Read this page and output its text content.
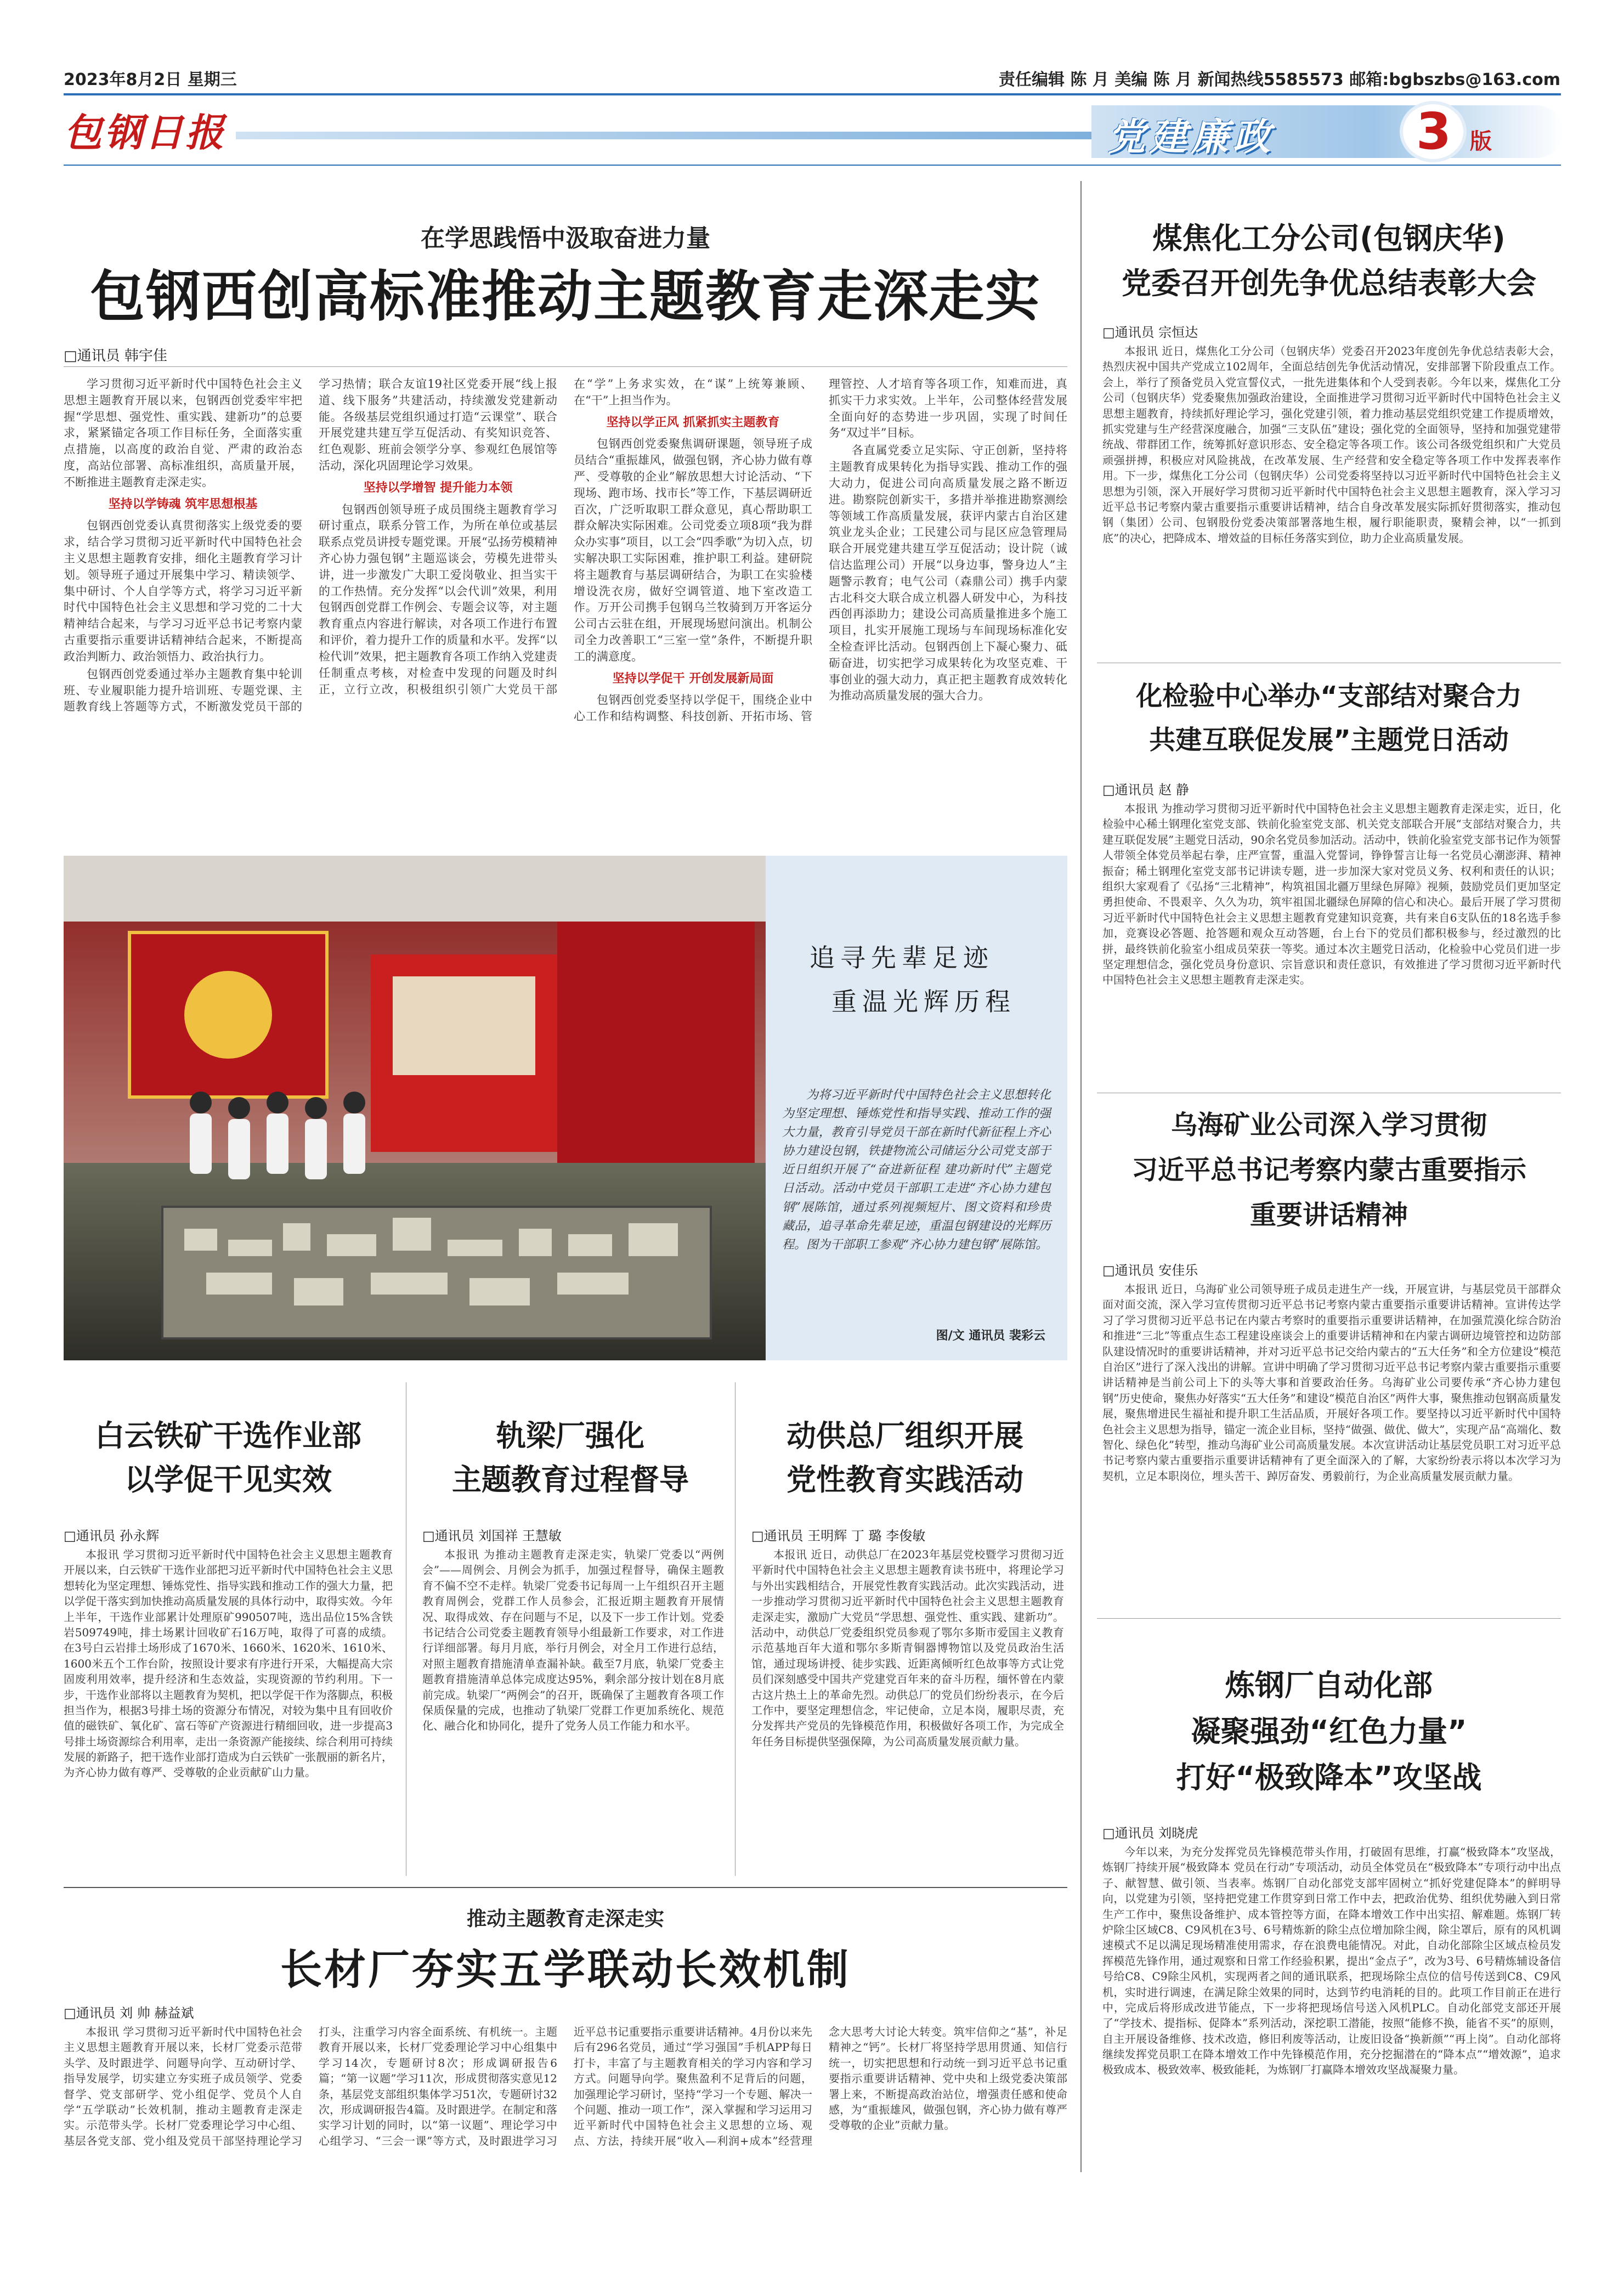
2023年8月2日 星期三	责任编辑 陈 月 美编 陈 月 新闻热线5585573 邮箱:bgbszbs@163.com
包钢日报	党建廉政	3 版
在学思践悟中汲取奋进力量
包钢西创高标准推动主题教育走深走实
□通讯员 韩宇佳

学习贯彻习近平新时代中国特色社会主义思想主题教育开展以来，包钢西创党委牢牢把握“学思想、强党性、重实践、建新功”的总要求，紧紧锚定各项工作目标任务，全面落实重点措施，以高度的政治自觉、严肃的政治态度，高站位部署、高标准组织，高质量开展，不断推进主题教育走深走实。

坚持以学铸魂 筑牢思想根基

包钢西创党委认真贯彻落实上级党委的要求，结合学习贯彻习近平新时代中国特色社会主义思想主题教育安排，细化主题教育学习计划。领导班子通过开展集中学习、精读领学、集中研讨、个人自学等方式，将学习习近平新时代中国特色社会主义思想和学习党的二十大精神结合起来，与学习习近平总书记考察内蒙古重要指示重要讲话精神结合起来，不断提高政治判断力、政治领悟力、政治执行力。

包钢西创党委通过举办主题教育集中轮训班、专业履职能力提升培训班、专题党课、主题教育线上答题等方式，不断激发党员干部的学习热情；联合友谊19社区党委开展“线上报道、线下服务”共建活动，持续激发党建新动能。各级基层党组织通过打造“云课堂”、联合开展党建共建互学互促活动、有奖知识竞答、红色观影、班前会领学分享、参观红色展馆等活动，深化巩固理论学习效果。

坚持以学增智 提升能力本领

包钢西创领导班子成员围绕主题教育学习研讨重点，联系分管工作，为所在单位或基层联系点党员讲授专题党课。开展“弘扬劳模精神 齐心协力强包钢”主题巡谈会，劳模先进带头讲，进一步激发广大职工爱岗敬业、担当实干的工作热情。充分发挥“以会代训”效果，利用包钢西创党群工作例会、专题会议等，对主题教育重点内容进行解读，对各项工作进行布置和评价，着力提升工作的质量和水平。发挥“以检代训”效果，把主题教育各项工作纳入党建责任制重点考核，对检查中发现的问题及时纠正，立行立改，积极组织引领广大党员干部在“学”上务求实效，在“谋”上统筹兼顾、在“干”上担当作为。

坚持以学正风 抓紧抓实主题教育

包钢西创党委聚焦调研课题，领导班子成员结合“重振雄风，做强包钢，齐心协力做有尊严、受尊敬的企业”解放思想大讨论活动、“下现场、跑市场、找市长”等工作，下基层调研近百次，广泛听取职工群众意见，真心帮助职工群众解决实际困难。公司党委立项8项“我为群众办实事”项目，以工会“四季歌”为切入点，切实解决职工实际困难，推护职工利益。建研院将主题教育与基层调研结合，为职工在实验楼增设洗衣房，做好空调管道、地下室改造工作。万开公司携手包钢乌兰牧骑到万开客运分公司古云驻在组，开展现场慰问演出。机制公司全力改善职工“三室一堂”条件，不断提升职工的满意度。

坚持以学促干 开创发展新局面

包钢西创党委坚持以学促干，围绕企业中心工作和结构调整、科技创新、开拓市场、管理管控、人才培育等各项工作，知难而进，真抓实干力求实效。上半年，公司整体经营发展全面向好的态势进一步巩固，实现了时间任务“双过半”目标。

各直属党委立足实际、守正创新，坚持将主题教育成果转化为指导实践、推动工作的强大动力，促进公司向高质量发展之路不断迈进。勘察院创新实干，多措并举推进勘察测绘等领域工作高质量发展，获评内蒙古自治区建筑业龙头企业；工民建公司与昆区应急管理局联合开展党建共建互学互促活动；设计院（诚信达监理公司）开展“以身边事，警身边人”主题警示教育；电气公司（森鼎公司）携手内蒙古北科交大联合成立机器人研发中心，为科技西创再添助力；建设公司高质量推进多个施工项目，扎实开展施工现场与车间现场标准化安全检查评比活动。包钢西创上下凝心聚力、砥砺奋进，切实把学习成果转化为攻坚克难、干事创业的强大动力，真正把主题教育成效转化为推动高质量发展的强大合力。

追寻先辈足迹
重温光辉历程
为将习近平新时代中国特色社会主义思想转化为坚定理想、锤炼党性和指导实践、推动工作的强大力量，教育引导党员干部在新时代新征程上齐心协力建设包钢，铁捷物流公司储运分公司党支部于近日组织开展了“奋进新征程 建功新时代”主题党日活动。活动中党员干部职工走进“齐心协力建包钢”展陈馆，通过系列视频短片、图文资料和珍贵藏品，追寻革命先辈足迹，重温包钢建设的光辉历程。图为干部职工参观“齐心协力建包钢”展陈馆。
图/文 通讯员 裴彩云
白云铁矿干选作业部
以学促干见实效
□通讯员 孙永辉

本报讯 学习贯彻习近平新时代中国特色社会主义思想主题教育开展以来，白云铁矿干选作业部把习近平新时代中国特色社会主义思想转化为坚定理想、锤炼党性、指导实践和推动工作的强大力量，把以学促干落实到加快推动高质量发展的具体行动中，取得实效。今年上半年，干选作业部累计处理原矿990507吨，选出品位15%含铁岩509749吨，排土场累计回收矿石16万吨，取得了可喜的成绩。在3号白云岩排土场形成了1670米、1660米、1620米、1610米、1600米五个工作台阶，按照设计要求有序进行开采，大幅提高大宗固废利用效率，提升经济和生态效益，实现资源的节约利用。下一步，干选作业部将以主题教育为契机，把以学促干作为落脚点，积极担当作为，根据3号排土场的资源分布情况，对较为集中且有回收价值的磁铁矿、氧化矿、富石等矿产资源进行精细回收，进一步提高3号排土场资源综合利用率，走出一条资源产能接续、综合利用可持续发展的新路子，把干选作业部打造成为白云铁矿一张靓丽的新名片，为齐心协力做有尊严、受尊敬的企业贡献矿山力量。

轨梁厂强化
主题教育过程督导
□通讯员 刘国祥 王慧敏

本报讯 为推动主题教育走深走实，轨梁厂党委以“两例会”——周例会、月例会为抓手，加强过程督导，确保主题教育不偏不空不走样。轨梁厂党委书记每周一上午组织召开主题教育周例会，党群工作人员参会，汇报近期主题教育开展情况、取得成效、存在问题与不足，以及下一步工作计划。党委书记结合公司党委主题教育领导小组最新工作要求，对工作进行详细部署。每月月底，举行月例会，对全月工作进行总结，对照主题教育措施清单查漏补缺。截至7月底，轨梁厂党委主题教育措施清单总体完成度达95%，剩余部分按计划在8月底前完成。轨梁厂“两例会”的召开，既确保了主题教育各项工作保质保量的完成，也推动了轨梁厂党群工作更加系统化、规范化、融合化和协同化，提升了党务人员工作能力和水平。

动供总厂组织开展
党性教育实践活动
□通讯员 王明辉 丁 璐 李俊敏

本报讯 近日，动供总厂在2023年基层党校暨学习贯彻习近平新时代中国特色社会主义思想主题教育读书班中，将理论学习与外出实践相结合，开展党性教育实践活动。此次实践活动，进一步推动学习贯彻习近平新时代中国特色社会主义思想主题教育走深走实，激励广大党员“学思想、强党性、重实践、建新功”。活动中，动供总厂党委组织党员参观了鄂尔多斯市爱国主义教育示范基地百年大道和鄂尔多斯青铜器博物馆以及党员政治生活馆，通过现场讲授、徒步实践、近距离倾听红色故事等方式让党员们深刻感受中国共产党建党百年来的奋斗历程，缅怀曾在内蒙古这片热土上的革命先烈。动供总厂的党员们纷纷表示，在今后工作中，要坚定理想信念，牢记使命，立足本岗，履职尽责，充分发挥共产党员的先锋模范作用，积极做好各项工作，为完成全年任务目标提供坚强保障，为公司高质量发展贡献力量。

推动主题教育走深走实
长材厂夯实五学联动长效机制
□通讯员 刘 帅 赫益斌

本报讯 学习贯彻习近平新时代中国特色社会主义思想主题教育开展以来，长材厂党委示范带头学、及时跟进学、问题导向学、互动研讨学、指导发展学，切实建立夯实班子成员领学、党委督学、党支部研学、党小组促学、党员个人自学“五学联动”长效机制，推动主题教育走深走实。示范带头学。长材厂党委理论学习中心组、基层各党支部、党小组及党员干部坚持理论学习打头，注重学习内容全面系统、有机统一。主题教育开展以来，长材厂党委理论学习中心组集中学习14次，专题研讨8次；形成调研报告6篇；“第一议题”学习11次，形成贯彻落实意见12条，基层党支部组织集体学习51次，专题研讨32次，形成调研报告4篇。及时跟进学。在制定和落实学习计划的同时，以“第一议题”、理论学习中心组学习、“三会一课”等方式，及时跟进学习习近平总书记重要指示重要讲话精神。4月份以来先后有296名党员，通过“学习强国”手机APP每日打卡，丰富了与主题教育相关的学习内容和学习方式。问题导向学。聚焦盈利不足背后的问题，加强理论学习研讨，坚持“学习一个专题、解决一个问题、推动一项工作”，深入掌握和学习运用习近平新时代中国特色社会主义思想的立场、观点、方法，持续开展“收入—利润+成本”经营理念大思考大讨论大转变。筑牢信仰之“基”，补足精神之“钙”。长材厂将坚持学思用贯通、知信行统一，切实把思想和行动统一到习近平总书记重要指示重要讲话精神、党中央和上级党委决策部署上来，不断提高政治站位，增强责任感和使命感，为“重振雄风，做强包钢，齐心协力做有尊严受尊敬的企业”贡献力量。

煤焦化工分公司(包钢庆华)
党委召开创先争优总结表彰大会
□通讯员 宗恒达

本报讯 近日，煤焦化工分公司（包钢庆华）党委召开2023年度创先争优总结表彰大会，热烈庆祝中国共产党成立102周年，全面总结创先争优活动情况，安排部署下阶段重点工作。会上，举行了预备党员入党宣誓仪式，一批先进集体和个人受到表彰。今年以来，煤焦化工分公司（包钢庆华）党委聚焦加强政治建设，全面推进学习贯彻习近平新时代中国特色社会主义思想主题教育，持续抓好理论学习，强化党建引领，着力推动基层党组织党建工作提质增效，抓实党建与生产经营深度融合，加强“三支队伍”建设；强化党的全面领导，坚持和加强党建带统战、带群团工作，统筹抓好意识形态、安全稳定等各项工作。该公司各级党组织和广大党员顽强拼搏，积极应对风险挑战，在改革发展、生产经营和安全稳定等各项工作中发挥表率作用。下一步，煤焦化工分公司（包钢庆华）公司党委将坚持以习近平新时代中国特色社会主义思想为引领，深入开展好学习贯彻习近平新时代中国特色社会主义思想主题教育，深入学习习近平总书记考察内蒙古重要指示重要讲话精神，结合自身改革发展实际抓好贯彻落实，推动包钢（集团）公司、包钢股份党委决策部署落地生根，履行职能职责，聚精会神，以“一抓到底”的决心，把降成本、增效益的目标任务落实到位，助力企业高质量发展。

化检验中心举办“支部结对聚合力
共建互联促发展”主题党日活动
□通讯员 赵 静

本报讯 为推动学习贯彻习近平新时代中国特色社会主义思想主题教育走深走实，近日，化检验中心稀土钢理化室党支部、铁前化验室党支部、机关党支部联合开展“支部结对聚合力，共建互联促发展”主题党日活动，90余名党员参加活动。活动中，铁前化验室党支部书记作为领誓人带领全体党员举起右拳，庄严宣誓，重温入党誓词，铮铮誓言让每一名党员心潮澎湃、精神振奋；稀土钢理化室党支部书记讲读专题，进一步加深大家对党员义务、权利和责任的认识；组织大家观看了《弘扬“三北精神”，构筑祖国北疆万里绿色屏障》视频，鼓励党员们更加坚定勇担使命、不畏艰辛、久久为功，筑牢祖国北疆绿色屏障的信心和决心。最后开展了学习贯彻习近平新时代中国特色社会主义思想主题教育党建知识竞赛，共有来自6支队伍的18名选手参加，竞赛设必答题、抢答题和观众互动答题，台上台下的党员们都积极参与，经过激烈的比拼，最终铁前化验室小组成员荣获一等奖。通过本次主题党日活动，化检验中心党员们进一步坚定理想信念，强化党员身份意识、宗旨意识和责任意识，有效推进了学习贯彻习近平新时代中国特色社会主义思想主题教育走深走实。

乌海矿业公司深入学习贯彻
习近平总书记考察内蒙古重要指示
重要讲话精神
□通讯员 安佳乐

本报讯 近日，乌海矿业公司领导班子成员走进生产一线，开展宣讲，与基层党员干部群众面对面交流，深入学习宣传贯彻习近平总书记考察内蒙古重要指示重要讲话精神。宣讲传达学习了学习贯彻习近平总书记在内蒙古考察时的重要指示重要讲话精神，在加强荒漠化综合防治和推进“三北”等重点生态工程建设座谈会上的重要讲话精神和在内蒙古调研边境管控和边防部队建设情况时的重要讲话精神，并对习近平总书记交给内蒙古的“五大任务”和全方位建设“模范自治区”进行了深入浅出的讲解。宣讲中明确了学习贯彻习近平总书记考察内蒙古重要指示重要讲话精神是当前公司上下的头等大事和首要政治任务。乌海矿业公司要传承“齐心协力建包钢”历史使命，聚焦办好落实“五大任务”和建设“模范自治区”两件大事，聚焦推动包钢高质量发展，聚焦增进民生福祉和提升职工生活品质，开展好各项工作。要坚持以习近平新时代中国特色社会主义思想为指导，锚定一流企业目标，坚持“做强、做优、做大”，实现产品“高端化、数智化、绿色化”转型，推动乌海矿业公司高质量发展。本次宣讲活动让基层党员职工对习近平总书记考察内蒙古重要指示重要讲话精神有了更全面深入的了解，大家纷纷表示将以本次学习为契机，立足本职岗位，埋头苦干、踔厉奋发、勇毅前行，为企业高质量发展贡献力量。

炼钢厂自动化部
凝聚强劲“红色力量”
打好“极致降本”攻坚战
□通讯员 刘晓虎

今年以来，为充分发挥党员先锋模范带头作用，打破固有思维，打赢“极致降本”攻坚战，炼钢厂持续开展“极致降本 党员在行动”专项活动，动员全体党员在“极致降本”专项行动中出点子、献智慧、做引领、当表率。炼钢厂自动化部党支部牢固树立“抓好党建促降本”的鲜明导向，以党建为引领，坚持把党建工作贯穿到日常工作中去，把政治优势、组织优势融入到日常生产工作中，聚焦设备维护、成本管控等方面，在降本增效工作中出实招、解难题。炼钢厂转炉除尘区域C8、C9风机在3号、6号精炼新的除尘点位增加除尘阀，除尘罩后，原有的风机调速模式不足以满足现场精准使用需求，存在浪费电能情况。对此，自动化部除尘区域点检员发挥模范先锋作用，通过观察和日常工作经验积累，提出“金点子”，改为3号、6号精炼辅设备信号给C8、C9除尘风机，实现两者之间的通讯联系，把现场除尘点位的信号传送到C8、C9风机，实时进行调速，在满足除尘效果的同时，达到节约电消耗的目的。此项工作目前正在进行中，完成后将形成改进节能点，下一步将把现场信号送入风机PLC。自动化部党支部还开展了“学技术、提指标、促降本”系列活动，深挖职工潜能，按照“能修不换，能省不买”的原则，自主开展设备维修、技术改造，修旧利废等活动，让废旧设备“换新颜”“再上岗”。自动化部将继续发挥党员职工在降本增效工作中先锋模范作用，充分挖掘潜在的“降本点”“增效源”，追求极致成本、极致效率、极致能耗，为炼钢厂打赢降本增效攻坚战凝聚力量。
